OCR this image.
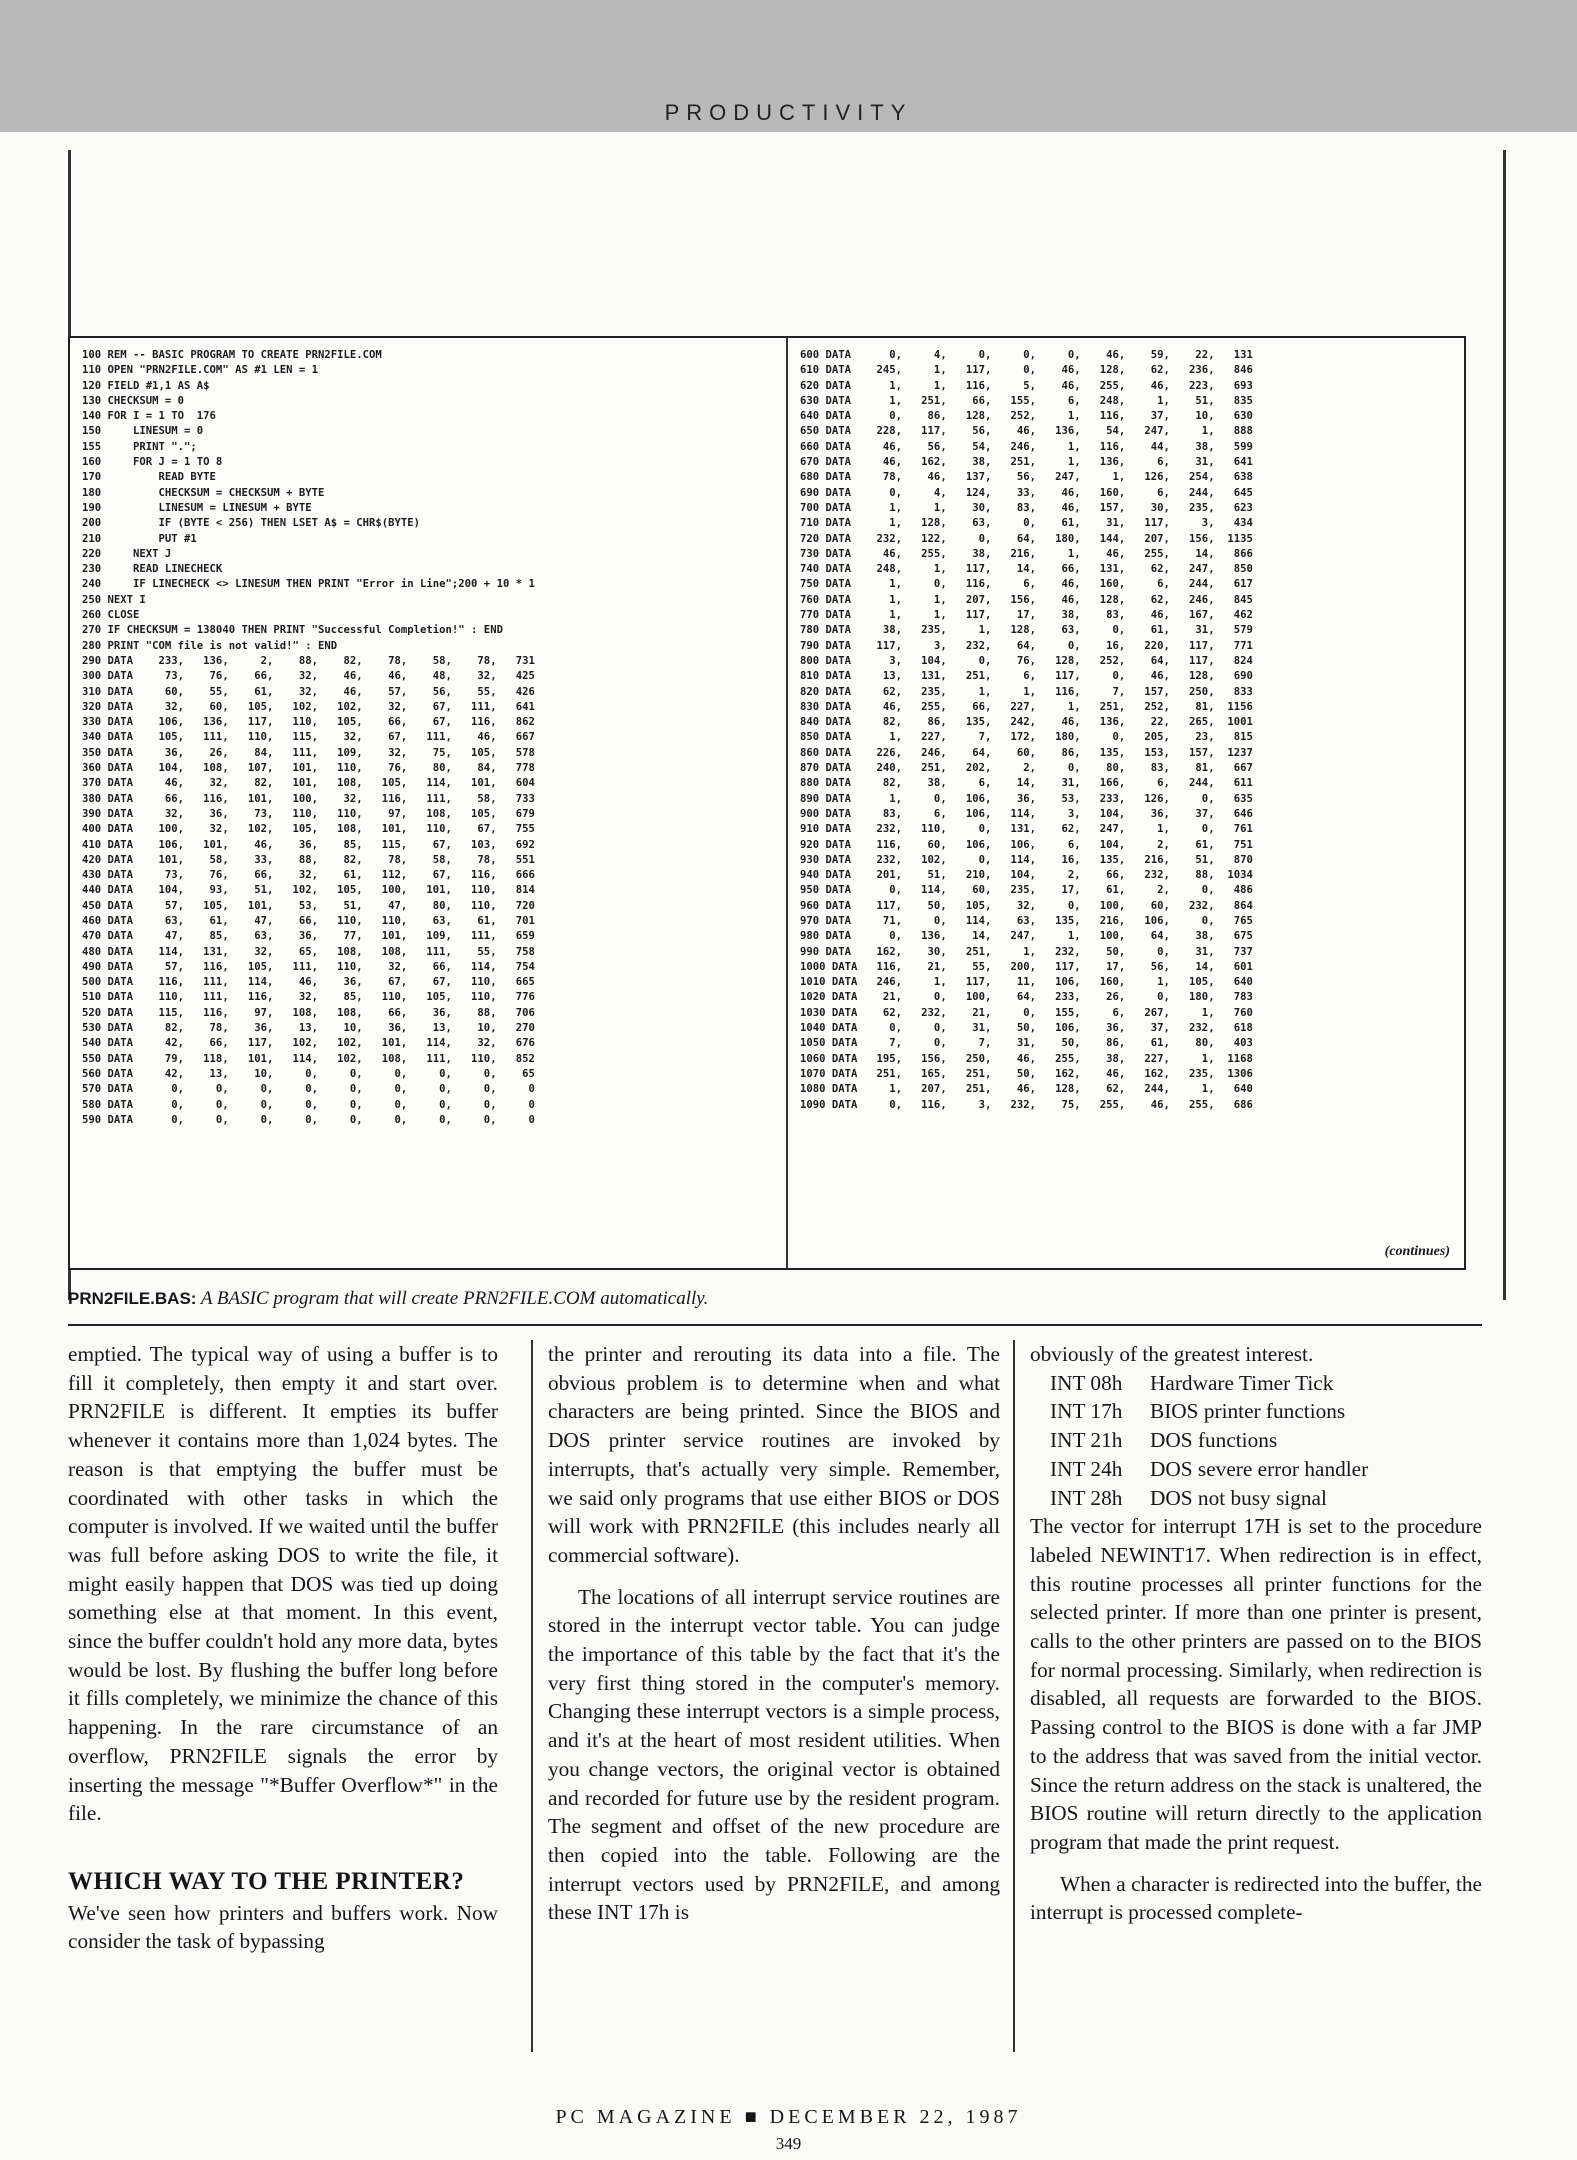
PRODUCTIVITY
100 REM -- BASIC PROGRAM TO CREATE PRN2FILE.COM
110 OPEN "PRN2FILE.COM" AS #1 LEN = 1
120 FIELD #1,1 AS A$
130 CHECKSUM = 0
140 FOR I = 1 TO  176
150     LINESUM = 0
155     PRINT ".";
160     FOR J = 1 TO 8
170         READ BYTE
180         CHECKSUM = CHECKSUM + BYTE
190         LINESUM = LINESUM + BYTE
200         IF (BYTE < 256) THEN LSET A$ = CHR$(BYTE)
210         PUT #1
220     NEXT J
230     READ LINECHECK
240     IF LINECHECK <> LINESUM THEN PRINT "Error in Line";200 + 10 * 1
250 NEXT I
260 CLOSE
270 IF CHECKSUM = 138040 THEN PRINT "Successful Completion!" : END
280 PRINT "COM file is not valid!" : END
290 DATA    233,   136,     2,    88,    82,    78,    58,    78,   731
300 DATA     73,    76,    66,    32,    46,    46,    48,    32,   425
310 DATA     60,    55,    61,    32,    46,    57,    56,    55,   426
320 DATA     32,    60,   105,   102,   102,    32,    67,   111,   641
330 DATA    106,   136,   117,   110,   105,    66,    67,   116,   862
340 DATA    105,   111,   110,   115,    32,    67,   111,    46,   667
350 DATA     36,    26,    84,   111,   109,    32,    75,   105,   578
360 DATA    104,   108,   107,   101,   110,    76,    80,    84,   778
370 DATA     46,    32,    82,   101,   108,   105,   114,   101,   604
380 DATA     66,   116,   101,   100,    32,   116,   111,    58,   733
390 DATA     32,    36,    73,   110,   110,    97,   108,   105,   679
400 DATA    100,    32,   102,   105,   108,   101,   110,    67,   755
410 DATA    106,   101,    46,    36,    85,   115,    67,   103,   692
420 DATA    101,    58,    33,    88,    82,    78,    58,    78,   551
430 DATA     73,    76,    66,    32,    61,   112,    67,   116,   666
440 DATA    104,    93,    51,   102,   105,   100,   101,   110,   814
450 DATA     57,   105,   101,    53,    51,    47,    80,   110,   720
460 DATA     63,    61,    47,    66,   110,   110,    63,    61,   701
470 DATA     47,    85,    63,    36,    77,   101,   109,   111,   659
480 DATA    114,   131,    32,    65,   108,   108,   111,    55,   758
490 DATA     57,   116,   105,   111,   110,    32,    66,   114,   754
500 DATA    116,   111,   114,    46,    36,    67,    67,   110,   665
510 DATA    110,   111,   116,    32,    85,   110,   105,   110,   776
520 DATA    115,   116,    97,   108,   108,    66,    36,    88,   706
530 DATA     82,    78,    36,    13,    10,    36,    13,    10,   270
540 DATA     42,    66,   117,   102,   102,   101,   114,    32,   676
550 DATA     79,   118,   101,   114,   102,   108,   111,   110,   852
560 DATA     42,    13,    10,     0,     0,     0,     0,     0,    65
570 DATA      0,     0,     0,     0,     0,     0,     0,     0,     0
580 DATA      0,     0,     0,     0,     0,     0,     0,     0,     0
590 DATA      0,     0,     0,     0,     0,     0,     0,     0,     0
600 DATA      0,     4,     0,     0,     0,    46,    59,    22,   131
610 DATA    245,     1,   117,     0,    46,   128,    62,   236,   846
620 DATA      1,     1,   116,     5,    46,   255,    46,   223,   693
630 DATA      1,   251,    66,   155,     6,   248,     1,    51,   835
640 DATA      0,    86,   128,   252,     1,   116,    37,    10,   630
650 DATA    228,   117,    56,    46,   136,    54,   247,     1,   888
660 DATA     46,    56,    54,   246,     1,   116,    44,    38,   599
670 DATA     46,   162,    38,   251,     1,   136,     6,    31,   641
680 DATA     78,    46,   137,    56,   247,     1,   126,   254,   638
690 DATA      0,     4,   124,    33,    46,   160,     6,   244,   645
700 DATA      1,     1,    30,    83,    46,   157,    30,   235,   623
710 DATA      1,   128,    63,     0,    61,    31,   117,     3,   434
720 DATA    232,   122,     0,    64,   180,   144,   207,   156,  1135
730 DATA     46,   255,    38,   216,     1,    46,   255,    14,   866
740 DATA    248,     1,   117,    14,    66,   131,    62,   247,   850
750 DATA      1,     0,   116,     6,    46,   160,     6,   244,   617
760 DATA      1,     1,   207,   156,    46,   128,    62,   246,   845
770 DATA      1,     1,   117,    17,    38,    83,    46,   167,   462
780 DATA     38,   235,     1,   128,    63,     0,    61,    31,   579
790 DATA    117,     3,   232,    64,     0,    16,   220,   117,   771
800 DATA      3,   104,     0,    76,   128,   252,    64,   117,   824
810 DATA     13,   131,   251,     6,   117,     0,    46,   128,   690
820 DATA     62,   235,     1,     1,   116,     7,   157,   250,   833
830 DATA     46,   255,    66,   227,     1,   251,   252,    81,  1156
840 DATA     82,    86,   135,   242,    46,   136,    22,   265,  1001
850 DATA      1,   227,     7,   172,   180,     0,   205,    23,   815
860 DATA    226,   246,    64,    60,    86,   135,   153,   157,  1237
870 DATA    240,   251,   202,     2,     0,    80,    83,    81,   667
880 DATA     82,    38,     6,    14,    31,   166,     6,   244,   611
890 DATA      1,     0,   106,    36,    53,   233,   126,     0,   635
900 DATA     83,     6,   106,   114,     3,   104,    36,    37,   646
910 DATA    232,   110,     0,   131,    62,   247,     1,     0,   761
920 DATA    116,    60,   106,   106,     6,   104,     2,    61,   751
930 DATA    232,   102,     0,   114,    16,   135,   216,    51,   870
940 DATA    201,    51,   210,   104,     2,    66,   232,    88,  1034
950 DATA      0,   114,    60,   235,    17,    61,     2,     0,   486
960 DATA    117,    50,   105,    32,     0,   100,    60,   232,   864
970 DATA     71,     0,   114,    63,   135,   216,   106,     0,   765
980 DATA      0,   136,    14,   247,     1,   100,    64,    38,   675
990 DATA    162,    30,   251,     1,   232,    50,     0,    31,   737
1000 DATA   116,    21,    55,   200,   117,    17,    56,    14,   601
1010 DATA   246,     1,   117,    11,   106,   160,     1,   105,   640
1020 DATA    21,     0,   100,    64,   233,    26,     0,   180,   783
1030 DATA    62,   232,    21,     0,   155,     6,   267,     1,   760
1040 DATA     0,     0,    31,    50,   106,    36,    37,   232,   618
1050 DATA     7,     0,     7,    31,    50,    86,    61,    80,   403
1060 DATA   195,   156,   250,    46,   255,    38,   227,     1,  1168
1070 DATA   251,   165,   251,    50,   162,    46,   162,   235,  1306
1080 DATA     1,   207,   251,    46,   128,    62,   244,     1,   640
1090 DATA     0,   116,     3,   232,    75,   255,    46,   255,   686
(continues)
PRN2FILE.BAS: A BASIC program that will create PRN2FILE.COM automatically.

emptied. The typical way of using a buffer is to fill it completely, then empty it and start over. PRN2FILE is different. It empties its buffer whenever it contains more than 1,024 bytes. The reason is that emptying the buffer must be coordinated with other tasks in which the computer is involved. If we waited until the buffer was full before asking DOS to write the file, it might easily happen that DOS was tied up doing something else at that moment. In this event, since the buffer couldn't hold any more data, bytes would be lost. By flushing the buffer long before it fills completely, we minimize the chance of this happening. In the rare circumstance of an overflow, PRN2FILE signals the error by inserting the message "*Buffer Overflow*" in the file.

WHICH WAY TO THE PRINTER?

We've seen how printers and buffers work. Now consider the task of bypassing

the printer and rerouting its data into a file. The obvious problem is to determine when and what characters are being printed. Since the BIOS and DOS printer service routines are invoked by interrupts, that's actually very simple. Remember, we said only programs that use either BIOS or DOS will work with PRN2FILE (this includes nearly all commercial software).

The locations of all interrupt service routines are stored in the interrupt vector table. You can judge the importance of this table by the fact that it's the very first thing stored in the computer's memory. Changing these interrupt vectors is a simple process, and it's at the heart of most resident utilities. When you change vectors, the original vector is obtained and recorded for future use by the resident program. The segment and offset of the new procedure are then copied into the table. Following are the interrupt vectors used by PRN2FILE, and among these INT 17h is

obviously of the greatest interest.

INT 08h Hardware Timer Tick
INT 17h BIOS printer functions
INT 21h DOS functions
INT 24h DOS severe error handler
INT 28h DOS not busy signal

The vector for interrupt 17H is set to the procedure labeled NEWINT17. When redirection is in effect, this routine processes all printer functions for the selected printer. If more than one printer is present, calls to the other printers are passed on to the BIOS for normal processing. Similarly, when redirection is disabled, all requests are forwarded to the BIOS. Passing control to the BIOS is done with a far JMP to the address that was saved from the initial vector. Since the return address on the stack is unaltered, the BIOS routine will return directly to the application program that made the print request.

When a character is redirected into the buffer, the interrupt is processed complete-

PC MAGAZINE ■ DECEMBER 22, 1987
349
